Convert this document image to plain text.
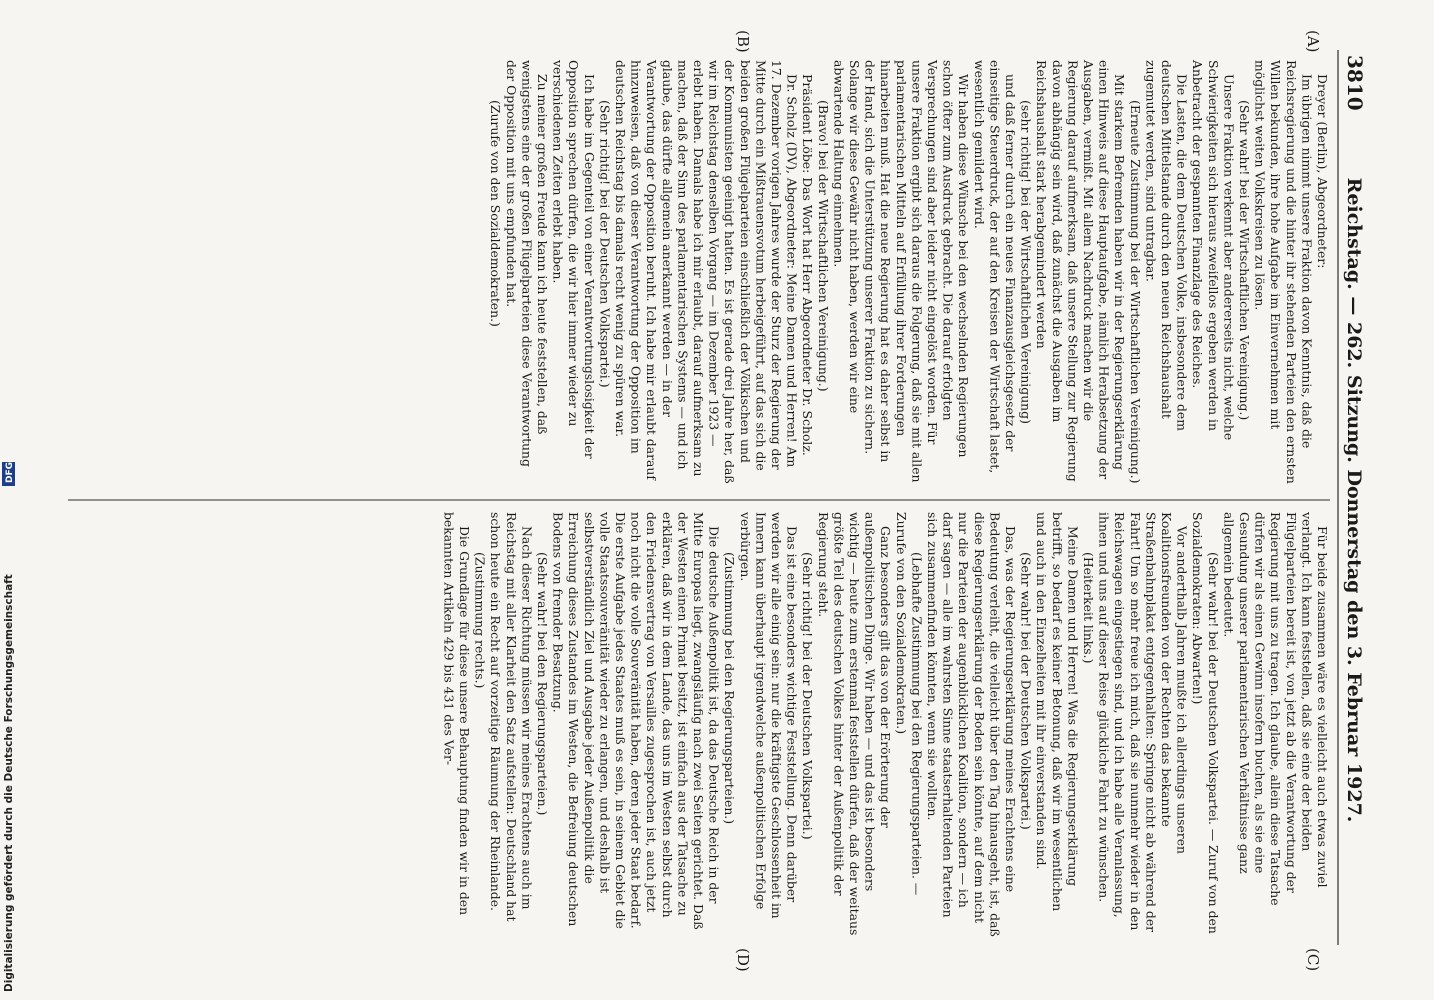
3810
Reichstag. — 262. Sitzung. Donnerstag den 3. Februar 1927.
(A)
(B)
(C)
(D)
Dreyer (Berlin), Abgeordneter:
Im übrigen nimmt unsere Fraktion davon Kenntnis, daß dieReichsregierung und die hinter ihr stehenden Parteien den ernstenWillen bekunden, ihre hohe Aufgabe im Einvernehmen mitmöglichst weiten Volkskreisen zu lösen.
(Sehr wahr! bei der Wirtschaftlichen Vereinigung.)
Unsere Fraktion verkennt aber andererseits nicht, welcheSchwierigkeiten sich hieraus zweifellos ergeben werden inAnbetracht der gespannten Finanzlage des Reiches.
Die Lasten, die dem Deutschen Volke, insbesondere demdeutschen Mittelstande durch den neuen Reichshaushaltzugemutet werden, sind untragbar.
(Erneute Zustimmung bei der Wirtschaftlichen Vereinigung.)
Mit starkem Befremden haben wir in der Regierungserklärungeinen Hinweis auf diese Hauptaufgabe, nämlich Herabsetzung derAusgaben, vermißt. Mit allem Nachdruck machen wir dieRegierung darauf aufmerksam, daß unsere Stellung zur Regierungdavon abhängig sein wird, daß zunächst die Ausgaben imReichshaushalt stark herabgemindert werden
(sehr richtig! bei der Wirtschaftlichen Vereinigung)
und daß ferner durch ein neues Finanzausgleichsgesetz dereinseitige Steuerdruck, der auf den Kreisen der Wirtschaft lastet,wesentlich gemildert wird.
Wir haben diese Wünsche bei den wechselnden Regierungenschon öfter zum Ausdruck gebracht. Die darauf erfolgtenVersprechungen sind aber leider nicht eingelöst worden. Fürunsere Fraktion ergibt sich daraus die Folgerung, daß sie mit allenparlamentarischen Mitteln auf Erfüllung ihrer Forderungenhinarbeiten muß. Hat die neue Regierung hat es daher selbst inder Hand, sich die Unterstützung unserer Fraktion zu sichern.Solange wir diese Gewähr nicht haben, werden wir eineabwartende Haltung einnehmen.
(Bravo! bei der Wirtschaftlichen Vereinigung.)
Präsident Löbe: Das Wort hat Herr Abgeordneter Dr. Scholz.
Dr. Scholz (DV), Abgeordneter: Meine Damen und Herren! Am17. Dezember vorigen Jahres wurde der Sturz der Regierung derMitte durch ein Mißtrauensvotum herbeigeführt, auf das sich diebeiden großen Flügelparteien einschließlich der Völkischen undder Kommunisten geeinigt hatten. Es ist gerade drei Jahre her, daßwir im Reichstag denselben Vorgang — im Dezember 1923 —erlebt haben. Damals habe ich mir erlaubt, darauf aufmerksam zumachen, daß der Sinn des parlamentarischen Systems — und ichglaube, das dürfte allgemein anerkannt werden — in derVerantwortung der Opposition beruht. Ich habe mir erlaubt daraufhinzuweisen, daß von dieser Verantwortung der Opposition imdeutschen Reichstag bis damals recht wenig zu spüren war.
(Sehr richtig! bei der Deutschen Volkspartei.)
Ich habe im Gegenteil von einer Verantwortungslosigkeit derOpposition sprechen dürfen, die wir hier immer wieder zuverschiedenen Zeiten erlebt haben.
Zu meiner großen Freude kann ich heute feststellen, daßwenigstens eine der großen Flügelparteien diese Verantwortungder Opposition mit uns empfunden hat.
(Zurufe von den Sozialdemokraten.)
Für beide zusammen wäre es vielleicht auch etwas zuvielverlangt. Ich kann feststellen, daß sie eine der beidenFlügelparteien bereit ist, von jetzt ab die Verantwortung derRegierung mit uns zu tragen. Ich glaube, allein diese Tatsachedürfen wir als einen Gewinn insofern buchen, als sie eineGesundung unserer parlamentarischen Verhältnisse ganzallgemein bedeutet.
(Sehr wahr! bei der Deutschen Volkspartei. — Zuruf von denSozialdemokraten: Abwarten!)
Vor anderthalb Jahren mußte ich allerdings unserenKoalitionsfreunden von der Rechten das bekannteStraßenbahnplakat entgegenhalten: Springe nicht ab während derFahrt! Um so mehr freue ich mich, daß sie nunmehr wieder in denReichswagen eingestiegen sind, und ich habe alle Veranlassung,ihnen und uns auf dieser Reise glückliche Fahrt zu wünschen.
(Heiterkeit links.)
Meine Damen und Herren! Was die Regierungserklärungbetrifft, so bedarf es keiner Betonung, daß wir im wesentlichenund auch in den Einzelheiten mit ihr einverstanden sind.
(Sehr wahr! bei der Deutschen Volkspartei.)
Das, was der Regierungserklärung meines Erachtens eineBedeutung verleiht, die vielleicht über den Tag hinausgeht, ist, daßdiese Regierungserklärung der Boden sein könnte, auf dem nichtnur die Parteien der augenblicklichen Koalition, sondern — ichdarf sagen — alle im wahrsten Sinne staatserhaltenden Parteiensich zusammenfinden könnten, wenn sie wollten.
(Lebhafte Zustimmung bei den Regierungsparteien. —Zurufe von den Sozialdemokraten.)
Ganz besonders gilt das von der Erörterung deraußenpolitischen Dinge. Wir haben — und das ist besonderswichtig — heute zum erstenmal feststellen dürfen, daß der weitausgrößte Teil des deutschen Volkes hinter der Außenpolitik derRegierung steht.
(Sehr richtig! bei der Deutschen Volkspartei.)
Das ist eine besonders wichtige Feststellung. Denn darüberwerden wir alle einig sein: nur die kräftigste Geschlossenheit imInnern kann überhaupt irgendwelche außenpolitischen Erfolgeverbürgen.
(Zustimmung bei den Regierungsparteien.)
Die deutsche Außenpolitik ist, da das Deutsche Reich in derMitte Europas liegt, zwangsläufig nach zwei Seiten gerichtet. Daßder Westen einen Primat besitzt, ist einfach aus der Tatsache zuerklären, daß wir in dem Lande, das uns im Westen selbst durchden Friedensvertrag von Versailles zugesprochen ist, auch jetztnoch nicht die volle Souveränität haben, deren jeder Staat bedarf.Die erste Aufgabe jedes Staates muß es sein, in seinem Gebiet dievolle Staatssouveränität wieder zu erlangen, und deshalb istselbstverständlich Ziel und Ausgabe jeder Außenpolitik dieErreichung dieses Zustandes im Westen, die Befreiung deutschenBodens von fremder Besatzung.
(Sehr wahr! bei den Regierungsparteien.)
Nach dieser Richtung müssen wir meines Erachtens auch imReichstag mit aller Klarheit den Satz aufstellen: Deutschland hatschon heute ein Recht auf vorzeitige Räumung der Rheinlande.
(Zustimmung rechts.)
Die Grundlage für diese unsere Behauptung finden wir in denbekannten Artikeln 429 bis 431 des Ver-
Digitalisierung gefördert durch die Deutsche Forschungsgemeinschaft
DFG
